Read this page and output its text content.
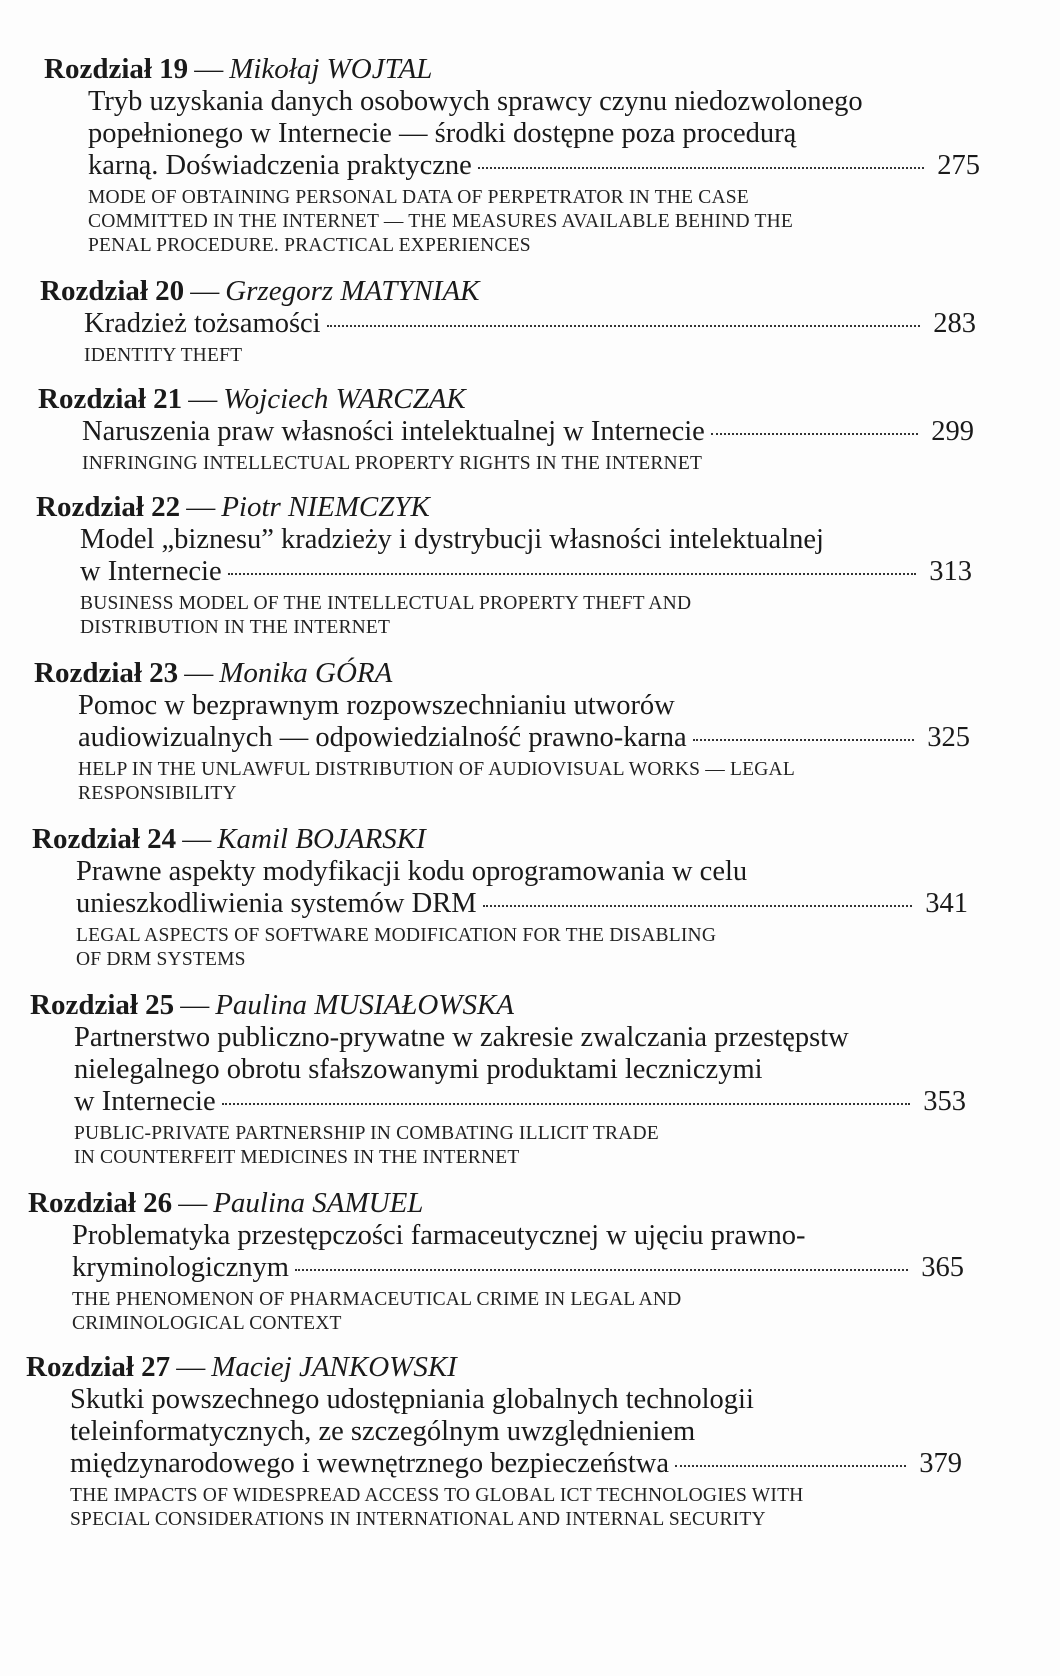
Rozdział 19 — Mikołaj WOJTAL
Tryb uzyskania danych osobowych sprawcy czynu niedozwolonego
popełnionego w Internecie — środki dostępne poza procedurą
karną. Doświadczenia praktyczne	275
MODE OF OBTAINING PERSONAL DATA OF PERPETRATOR IN THE CASE
COMMITTED IN THE INTERNET — THE MEASURES AVAILABLE BEHIND THE
PENAL PROCEDURE. PRACTICAL EXPERIENCES
Rozdział 20 — Grzegorz MATYNIAK
Kradzież tożsamości	283
IDENTITY THEFT
Rozdział 21 — Wojciech WARCZAK
Naruszenia praw własności intelektualnej w Internecie	299
INFRINGING INTELLECTUAL PROPERTY RIGHTS IN THE INTERNET
Rozdział 22 — Piotr NIEMCZYK
Model „biznesu” kradzieży i dystrybucji własności intelektualnej
w Internecie	313
BUSINESS MODEL OF THE INTELLECTUAL PROPERTY THEFT AND
DISTRIBUTION IN THE INTERNET
Rozdział 23 — Monika GÓRA
Pomoc w bezprawnym rozpowszechnianiu utworów
audiowizualnych — odpowiedzialność prawno-karna	325
HELP IN THE UNLAWFUL DISTRIBUTION OF AUDIOVISUAL WORKS — LEGAL
RESPONSIBILITY
Rozdział 24 — Kamil BOJARSKI
Prawne aspekty modyfikacji kodu oprogramowania w celu
unieszkodliwienia systemów DRM	341
LEGAL ASPECTS OF SOFTWARE MODIFICATION FOR THE DISABLING
OF DRM SYSTEMS
Rozdział 25 — Paulina MUSIAŁOWSKA
Partnerstwo publiczno-prywatne w zakresie zwalczania przestępstw
nielegalnego obrotu sfałszowanymi produktami leczniczymi
w Internecie	353
PUBLIC-PRIVATE PARTNERSHIP IN COMBATING ILLICIT TRADE
IN COUNTERFEIT MEDICINES IN THE INTERNET
Rozdział 26 — Paulina SAMUEL
Problematyka przestępczości farmaceutycznej w ujęciu prawno-
kryminologicznym	365
THE PHENOMENON OF PHARMACEUTICAL CRIME IN LEGAL AND
CRIMINOLOGICAL CONTEXT
Rozdział 27 — Maciej JANKOWSKI
Skutki powszechnego udostępniania globalnych technologii
teleinformatycznych, ze szczególnym uwzględnieniem
międzynarodowego i wewnętrznego bezpieczeństwa	379
THE IMPACTS OF WIDESPREAD ACCESS TO GLOBAL ICT TECHNOLOGIES WITH
SPECIAL CONSIDERATIONS IN INTERNATIONAL AND INTERNAL SECURITY
